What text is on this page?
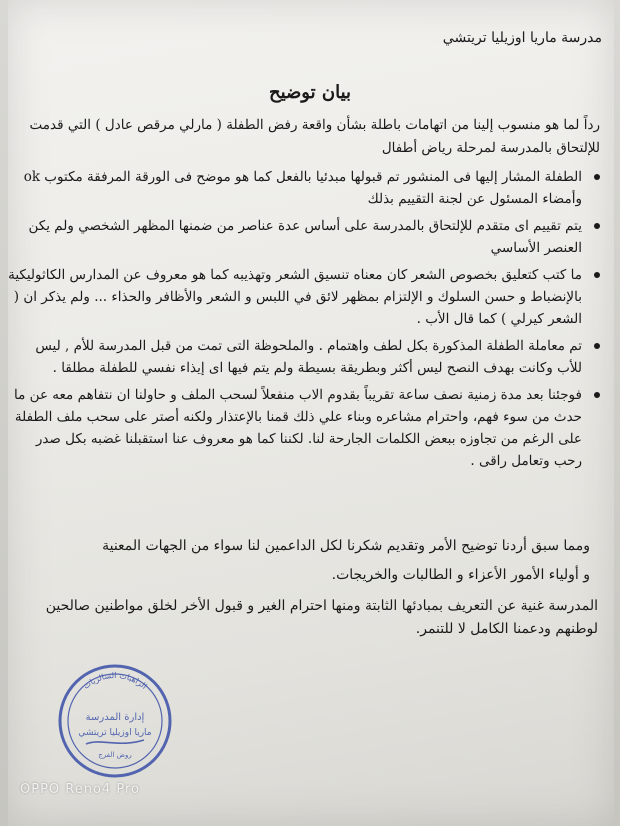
مدرسة ماريا اوزيليا تريتشي
بيان توضيح
رداً لما هو منسوب إلينا من اتهامات باطلة بشأن واقعة رفض الطفلة ( مارلي مرقص عادل ) التي قدمت للإلتحاق بالمدرسة لمرحلة رياض أطفال
الطفلة المشار إليها فى المنشور تم قبولها مبدئيا بالفعل كما هو موضح فى الورقة المرفقة مكتوب ok وأمضاء المسئول عن لجنة التقييم بذلك
يتم تقييم اى متقدم للإلتحاق بالمدرسة على أساس عدة عناصر من ضمنها المظهر الشخصي ولم يكن العنصر الأساسي
ما كتب كتعليق بخصوص الشعر كان معناه تنسيق الشعر وتهذيبه كما هو معروف عن المدارس الكاثوليكية بالإنضباط و حسن السلوك و الإلتزام بمظهر لائق في اللبس و الشعر والأظافر والحذاء ... ولم يذكر ان ( الشعر كيرلي ) كما قال الأب .
تم معاملة الطفلة المذكورة بكل لطف واهتمام . والملحوظة التى تمت من قبل المدرسة للأم , ليس للأب وكانت بهدف النصح ليس أكثر وبطريقة بسيطة ولم يتم فيها اى إيذاء نفسي للطفلة مطلقا .
فوجئنا بعد مدة زمنية نصف ساعة تقريباً بقدوم الاب منفعلاً لسحب الملف و حاولنا ان نتفاهم معه عن ما حدث من سوء فهم، واحترام مشاعره وبناء علي ذلك قمنا بالإعتذار ولكنه أصتر على سحب ملف الطفلة على الرغم من تجاوزه ببعض الكلمات الجارحة لنا. لكننا كما هو معروف عنا استقبلنا غضبه بكل صدر رحب وتعامل راقى .
ومما سبق أردنا توضيح الأمر وتقديم شكرنا لكل الداعمين لنا سواء من الجهات المعنية
و أولياء الأمور الأعزاء و الطالبات والخريجات.
المدرسة غنية عن التعريف بمبادئها الثابتة ومنها احترام الغير و قبول الأخر لخلق مواطنين صالحين لوطنهم ودعمنا الكامل لا للتنمر.
الراهبات السالزيات
إدارة المدرسة
ماريا اوزيليا تريتشي
روض الفرج
OPPO Reno4 Pro
